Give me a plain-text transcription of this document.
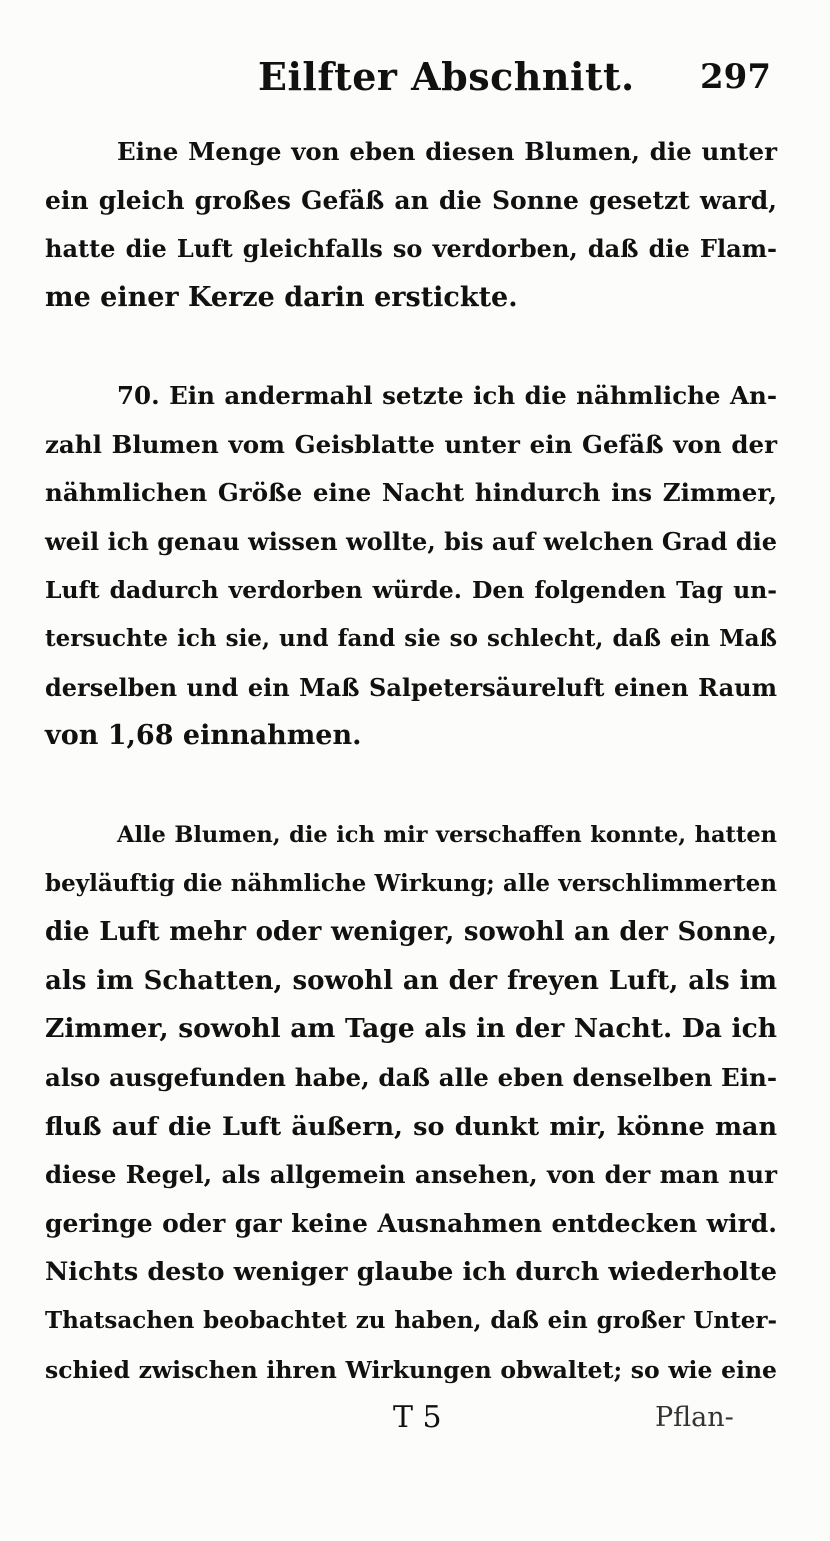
Eilfter Abschnitt. 297
Eine Menge von eben diesen Blumen, die unter
ein gleich großes Gefäß an die Sonne gesetzt ward,
hatte die Luft gleichfalls so verdorben, daß die Flam-
me einer Kerze darin erstickte.
70. Ein andermahl setzte ich die nähmliche An-
zahl Blumen vom Geisblatte unter ein Gefäß von der
nähmlichen Größe eine Nacht hindurch ins Zimmer,
weil ich genau wissen wollte, bis auf welchen Grad die
Luft dadurch verdorben würde. Den folgenden Tag un-
tersuchte ich sie, und fand sie so schlecht, daß ein Maß
derselben und ein Maß Salpetersäureluft einen Raum
von 1,68 einnahmen.
Alle Blumen, die ich mir verschaffen konnte, hatten
beyläuftig die nähmliche Wirkung; alle verschlimmerten
die Luft mehr oder weniger, sowohl an der Sonne,
als im Schatten, sowohl an der freyen Luft, als im
Zimmer, sowohl am Tage als in der Nacht. Da ich
also ausgefunden habe, daß alle eben denselben Ein-
fluß auf die Luft äußern, so dunkt mir, könne man
diese Regel, als allgemein ansehen, von der man nur
geringe oder gar keine Ausnahmen entdecken wird.
Nichts desto weniger glaube ich durch wiederholte
Thatsachen beobachtet zu haben, daß ein großer Unter-
schied zwischen ihren Wirkungen obwaltet; so wie eine
T 5	Pflan-
